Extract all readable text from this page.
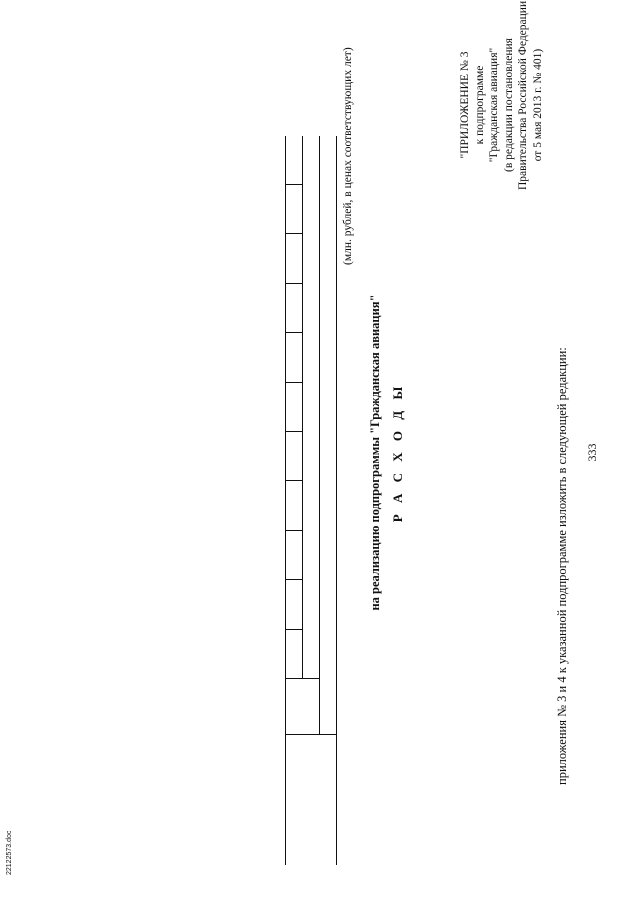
333
приложения № 3 и 4 к указанной подпрограмме изложить в следующей редакции:
"ПРИЛОЖЕНИЕ № 3 к подпрограмме "Гражданская авиация" (в редакции постановления Правительства Российской Федерации от 5 мая 2013 г. № 401)
Р А С Х О Д Ы
на реализацию подпрограммы "Гражданская авиация"
(млн. рублей, в ценах соответствующих лет)
22122573.doc
